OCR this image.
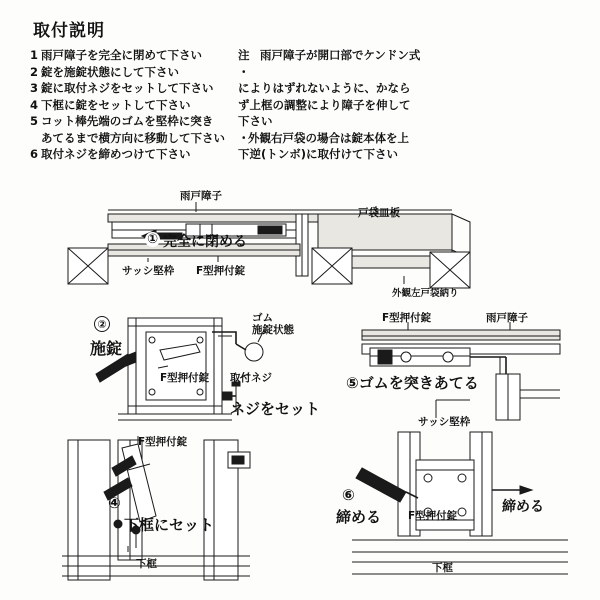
取付説明
1 雨戸障子を完全に閉めて下さい
2 錠を施錠状態にして下さい
3 錠に取付ネジをセットして下さい
4 下框に錠をセットして下さい
5 コット棒先端のゴムを堅枠に突き
あてるまで横方向に移動して下さい
6 取付ネジを締めつけて下さい
注 ・
雨戸障子が開口部でケンドン式
によりはずれないように、かなら
ず上框の調整により障子を伸して
下さい
・
外観右戸袋の場合は錠本体を上
下逆(トンボ)に取付けて下さい
雨戸障子
戸袋皿板
① 完全に閉める
サッシ堅枠 F型押付錠
外観左戸袋納り
②
施錠
ゴム
施錠状態
F型押付錠 取付ネジ
ネジをセット
F型押付錠	雨戸障子
⑤ゴムを突きあてる
サッシ堅枠
F型押付錠
④
下框にセット
下框
⑥
締める	F型押付錠
締める
下框
